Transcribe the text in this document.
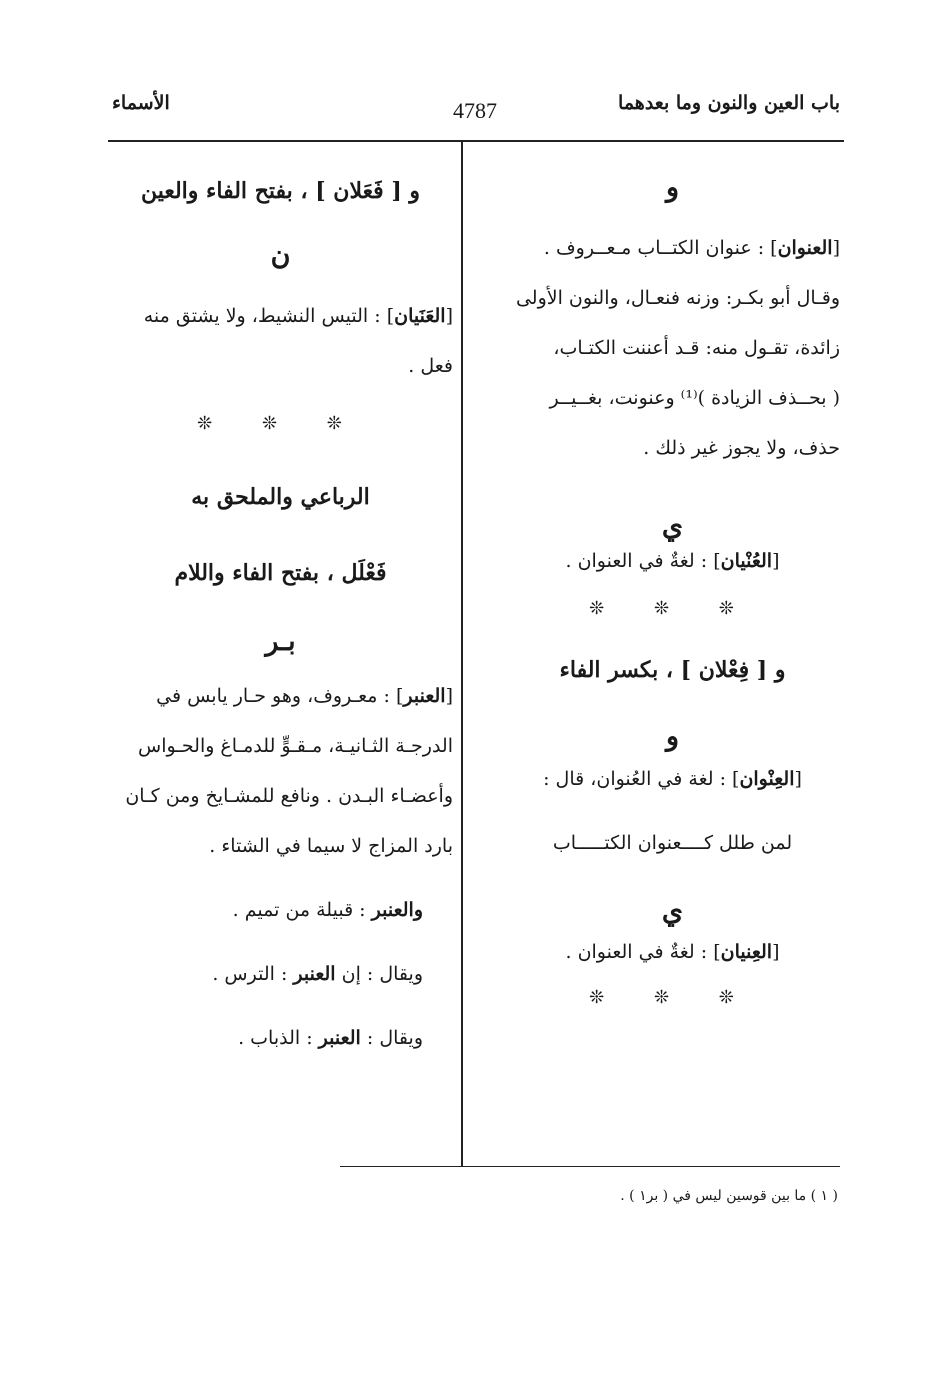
باب العين والنون وما بعدهما
4787
الأسماء
و

[العنوان] : عنوان الكتــاب مـعــروف .

وقـال أبو بكـر: وزنه فنعـال، والنون الأولى

زائدة، تقـول منه: قـد أعننت الكتـاب،

( بحــذف الزيادة )⁽¹⁾ وعنونت، بغــيــر

حذف، ولا يجوز غير ذلك .

ي

[العُنْيان] : لغةٌ في العنوان .

❊ ❊ ❊

و [ فِعْلان ] ، بكسر الفاء
و

[العِنْوان] : لغة في العُنوان، قال :

لمن طلل كــــعنوان الكتـــــاب

ي

[العِنيان] : لغةٌ في العنوان .

❊ ❊ ❊

و [ فَعَلان ] ، بفتح الفاء والعين
ن

[العَنَيان] : التيس النشيط، ولا يشتق منه

فعل .

❊ ❊ ❊

الرباعي والملحق به
فَعْلَل ، بفتح الفاء واللام
بـر

[العنبر] : معـروف، وهو حـار يابس في

الدرجـة الثـانيـة، مـقـوٍّ للدمـاغ والحـواس

وأعضـاء البـدن . ونافع للمشـايخ ومن كـان

بارد المزاج لا سيما في الشتاء .

والعنبر : قبيلة من تميم .

ويقال : إن العنبر : الترس .

ويقال : العنبر : الذباب .

( ١ ) ما بين قوسين ليس في ( بر١ ) .
